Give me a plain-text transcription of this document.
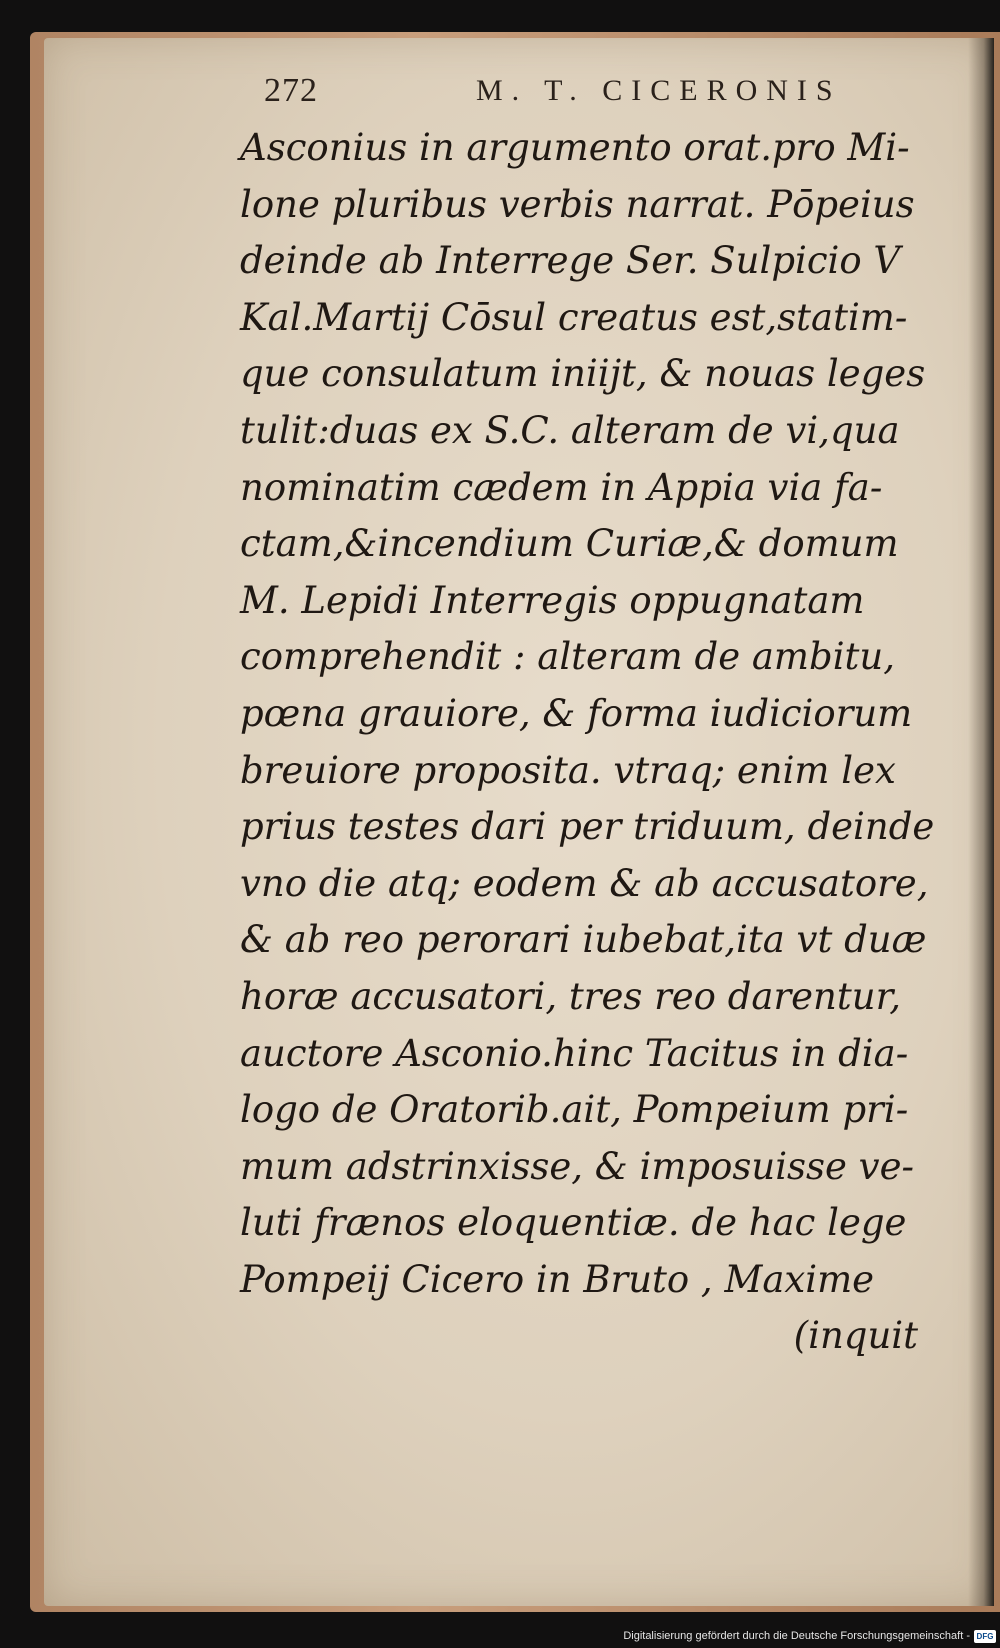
272	M. T. CICERONIS
Asconius in argumento orat.pro Mi-
lone pluribus verbis narrat. Pōpeius
deinde ab Interrege Ser. Sulpicio V
Kal.Martij Cōsul creatus est,statim-
que consulatum iniijt, & nouas leges
tulit:duas ex S.C. alteram de vi,qua
nominatim cædem in Appia via fa-
ctam,&incendium Curiæ,& domum
M. Lepidi Interregis oppugnatam
comprehendit : alteram de ambitu,
pœna grauiore, & forma iudiciorum
breuiore proposita. vtraq; enim lex
prius testes dari per triduum, deinde
vno die atq; eodem & ab accusatore,
& ab reo perorari iubebat,ita vt duæ
horæ accusatori, tres reo darentur,
auctore Asconio.hinc Tacitus in dia-
logo de Oratorib.ait, Pompeium pri-
mum adstrinxisse, & imposuisse ve-
luti frænos eloquentiæ. de hac lege
Pompeij Cicero in Bruto , Maxime
(inquit
Digitalisierung gefördert durch die Deutsche Forschungsgemeinschaft - DFG
